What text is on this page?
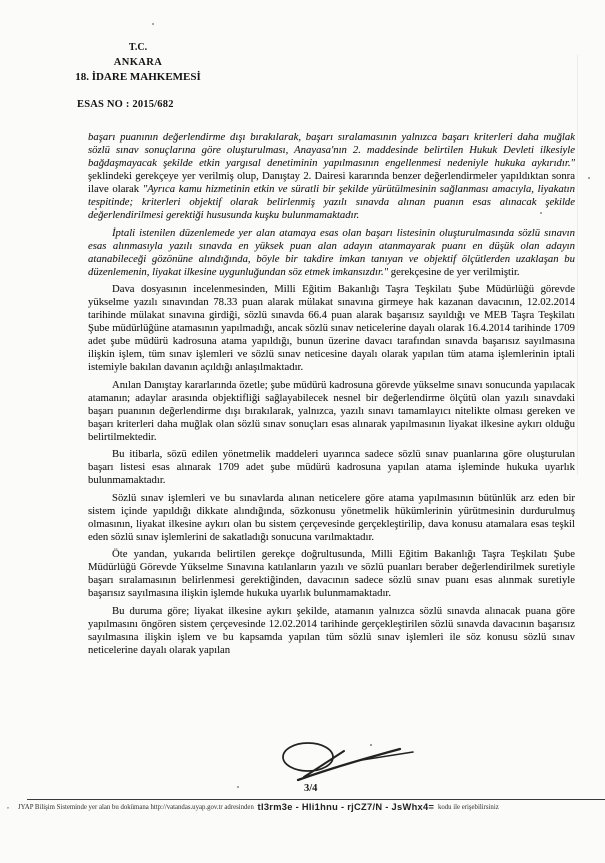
T.C.
ANKARA
18. İDARE MAHKEMESİ
ESAS NO : 2015/682

başarı puanının değerlendirme dışı bırakılarak, başarı sıralamasının yalnızca başarı kriterleri daha muğlak sözlü sınav sonuçlarına göre oluşturulması, Anayasa'nın 2. maddesinde belirtilen Hukuk Devleti ilkesiyle bağdaşmayacak şekilde etkin yargısal denetiminin yapılmasının engellenmesi nedeniyle hukuka aykırıdır." şeklindeki gerekçeye yer verilmiş olup, Danıştay 2. Dairesi kararında benzer değerlendirmeler yapıldıktan sonra ilave olarak "Ayrıca kamu hizmetinin etkin ve süratli bir şekilde yürütülmesinin sağlanması amacıyla, liyakatın tespitinde; kriterleri objektif olarak belirlenmiş yazılı sınavda alınan puanın esas alınacak şekilde değerlendirilmesi gerektiği hususunda kuşku bulunmamaktadır.

İptali istenilen düzenlemede yer alan atamaya esas olan başarı listesinin oluşturulmasında sözlü sınavın esas alınmasıyla yazılı sınavda en yüksek puan alan adayın atanmayarak puanı en düşük olan adayın atanabileceği gözönüne alındığında, böyle bir takdire imkan tanıyan ve objektif ölçütlerden uzaklaşan bu düzenlemenin, liyakat ilkesine uygunluğundan söz etmek imkansızdır." gerekçesine de yer verilmiştir.

Dava dosyasının incelenmesinden, Milli Eğitim Bakanlığı Taşra Teşkilatı Şube Müdürlüğü görevde yükselme yazılı sınavından 78.33 puan alarak mülakat sınavına girmeye hak kazanan davacının, 12.02.2014 tarihinde mülakat sınavına girdiği, sözlü sınavda 66.4 puan alarak başarısız sayıldığı ve MEB Taşra Teşkilatı Şube müdürlüğüne atamasının yapılmadığı, ancak sözlü sınav neticelerine dayalı olarak 16.4.2014 tarihinde 1709 adet şube müdürü kadrosuna atama yapıldığı, bunun üzerine davacı tarafından sınavda başarısız sayılmasına ilişkin işlem, tüm sınav işlemleri ve sözlü sınav neticesine dayalı olarak yapılan tüm atama işlemlerinin iptali istemiyle bakılan davanın açıldığı anlaşılmaktadır.

Anılan Danıştay kararlarında özetle; şube müdürü kadrosuna görevde yükselme sınavı sonucunda yapılacak atamanın; adaylar arasında objektifliği sağlayabilecek nesnel bir değerlendirme ölçütü olan yazılı sınavdaki başarı puanının değerlendirme dışı bırakılarak, yalnızca, yazılı sınavı tamamlayıcı nitelikte olması gereken ve başarı kriterleri daha muğlak olan sözlü sınav sonuçları esas alınarak yapılmasının liyakat ilkesine aykırı olduğu belirtilmektedir.

Bu itibarla, sözü edilen yönetmelik maddeleri uyarınca sadece sözlü sınav puanlarına göre oluşturulan başarı listesi esas alınarak 1709 adet şube müdürü kadrosuna yapılan atama işleminde hukuka uyarlık bulunmamaktadır.

Sözlü sınav işlemleri ve bu sınavlarda alınan neticelere göre atama yapılmasının bütünlük arz eden bir sistem içinde yapıldığı dikkate alındığında, sözkonusu yönetmelik hükümlerinin yürütmesinin durdurulmuş olmasının, liyakat ilkesine aykırı olan bu sistem çerçevesinde gerçekleştirilip, dava konusu atamalara esas teşkil eden sözlü sınav işlemlerini de sakatladığı sonucuna varılmaktadır.

Öte yandan, yukarıda belirtilen gerekçe doğrultusunda, Milli Eğitim Bakanlığı Taşra Teşkilatı Şube Müdürlüğü Görevde Yükselme Sınavına katılanların yazılı ve sözlü puanları beraber değerlendirilmek suretiyle başarı sıralamasının belirlenmesi gerektiğinden, davacının sadece sözlü sınav puanı esas alınmak suretiyle başarısız sayılmasına ilişkin işlemde hukuka uyarlık bulunmamaktadır.

Bu duruma göre; liyakat ilkesine aykırı şekilde, atamanın yalnızca sözlü sınavda alınacak puana göre yapılmasını öngören sistem çerçevesinde 12.02.2014 tarihinde gerçekleştirilen sözlü sınavda davacının başarısız sayılmasına ilişkin işlem ve bu kapsamda yapılan tüm sözlü sınav işlemleri ile söz konusu sözlü sınav neticelerine dayalı olarak yapılan

3/4
, JYAP Bilişim Sisteminde yer alan bu dokümana http://vatandas.uyap.gov.tr adresinden tI3rm3e - HIi1hnu - rjCZ7/N - JsWhx4= kodu ile erişebilirsiniz
